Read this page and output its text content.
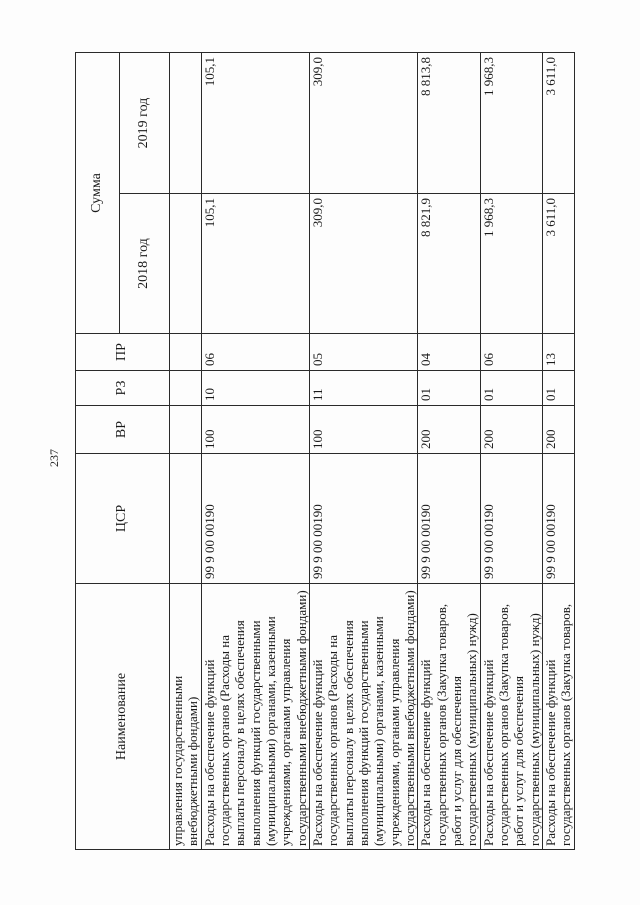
237
Наименование	ЦСР	ВР	РЗ	ПР	Сумма	
					2018 год	2019 год
управления государственными внебюджетными фондами)						
Расходы на обеспечение функций государственных органов (Расходы на выплаты персоналу в целях обеспечения выполнения функций государственными (муниципальными) органами, казенными учреждениями, органами управления государственными внебюджетными фондами)	99 9 00 00190	100	10	06	105,1	105,1
Расходы на обеспечение функций государственных органов (Расходы на выплаты персоналу в целях обеспечения выполнения функций государственными (муниципальными) органами, казенными учреждениями, органами управления государственными внебюджетными фондами)	99 9 00 00190	100	11	05	309,0	309,0
Расходы на обеспечение функций государственных органов (Закупка товаров, работ и услуг для обеспечения государственных (муниципальных) нужд)	99 9 00 00190	200	01	04	8 821,9	8 813,8
Расходы на обеспечение функций государственных органов (Закупка товаров, работ и услуг для обеспечения государственных (муниципальных) нужд)	99 9 00 00190	200	01	06	1 968,3	1 968,3
Расходы на обеспечение функций государственных органов (Закупка товаров,	99 9 00 00190	200	01	13	3 611,0	3 611,0
